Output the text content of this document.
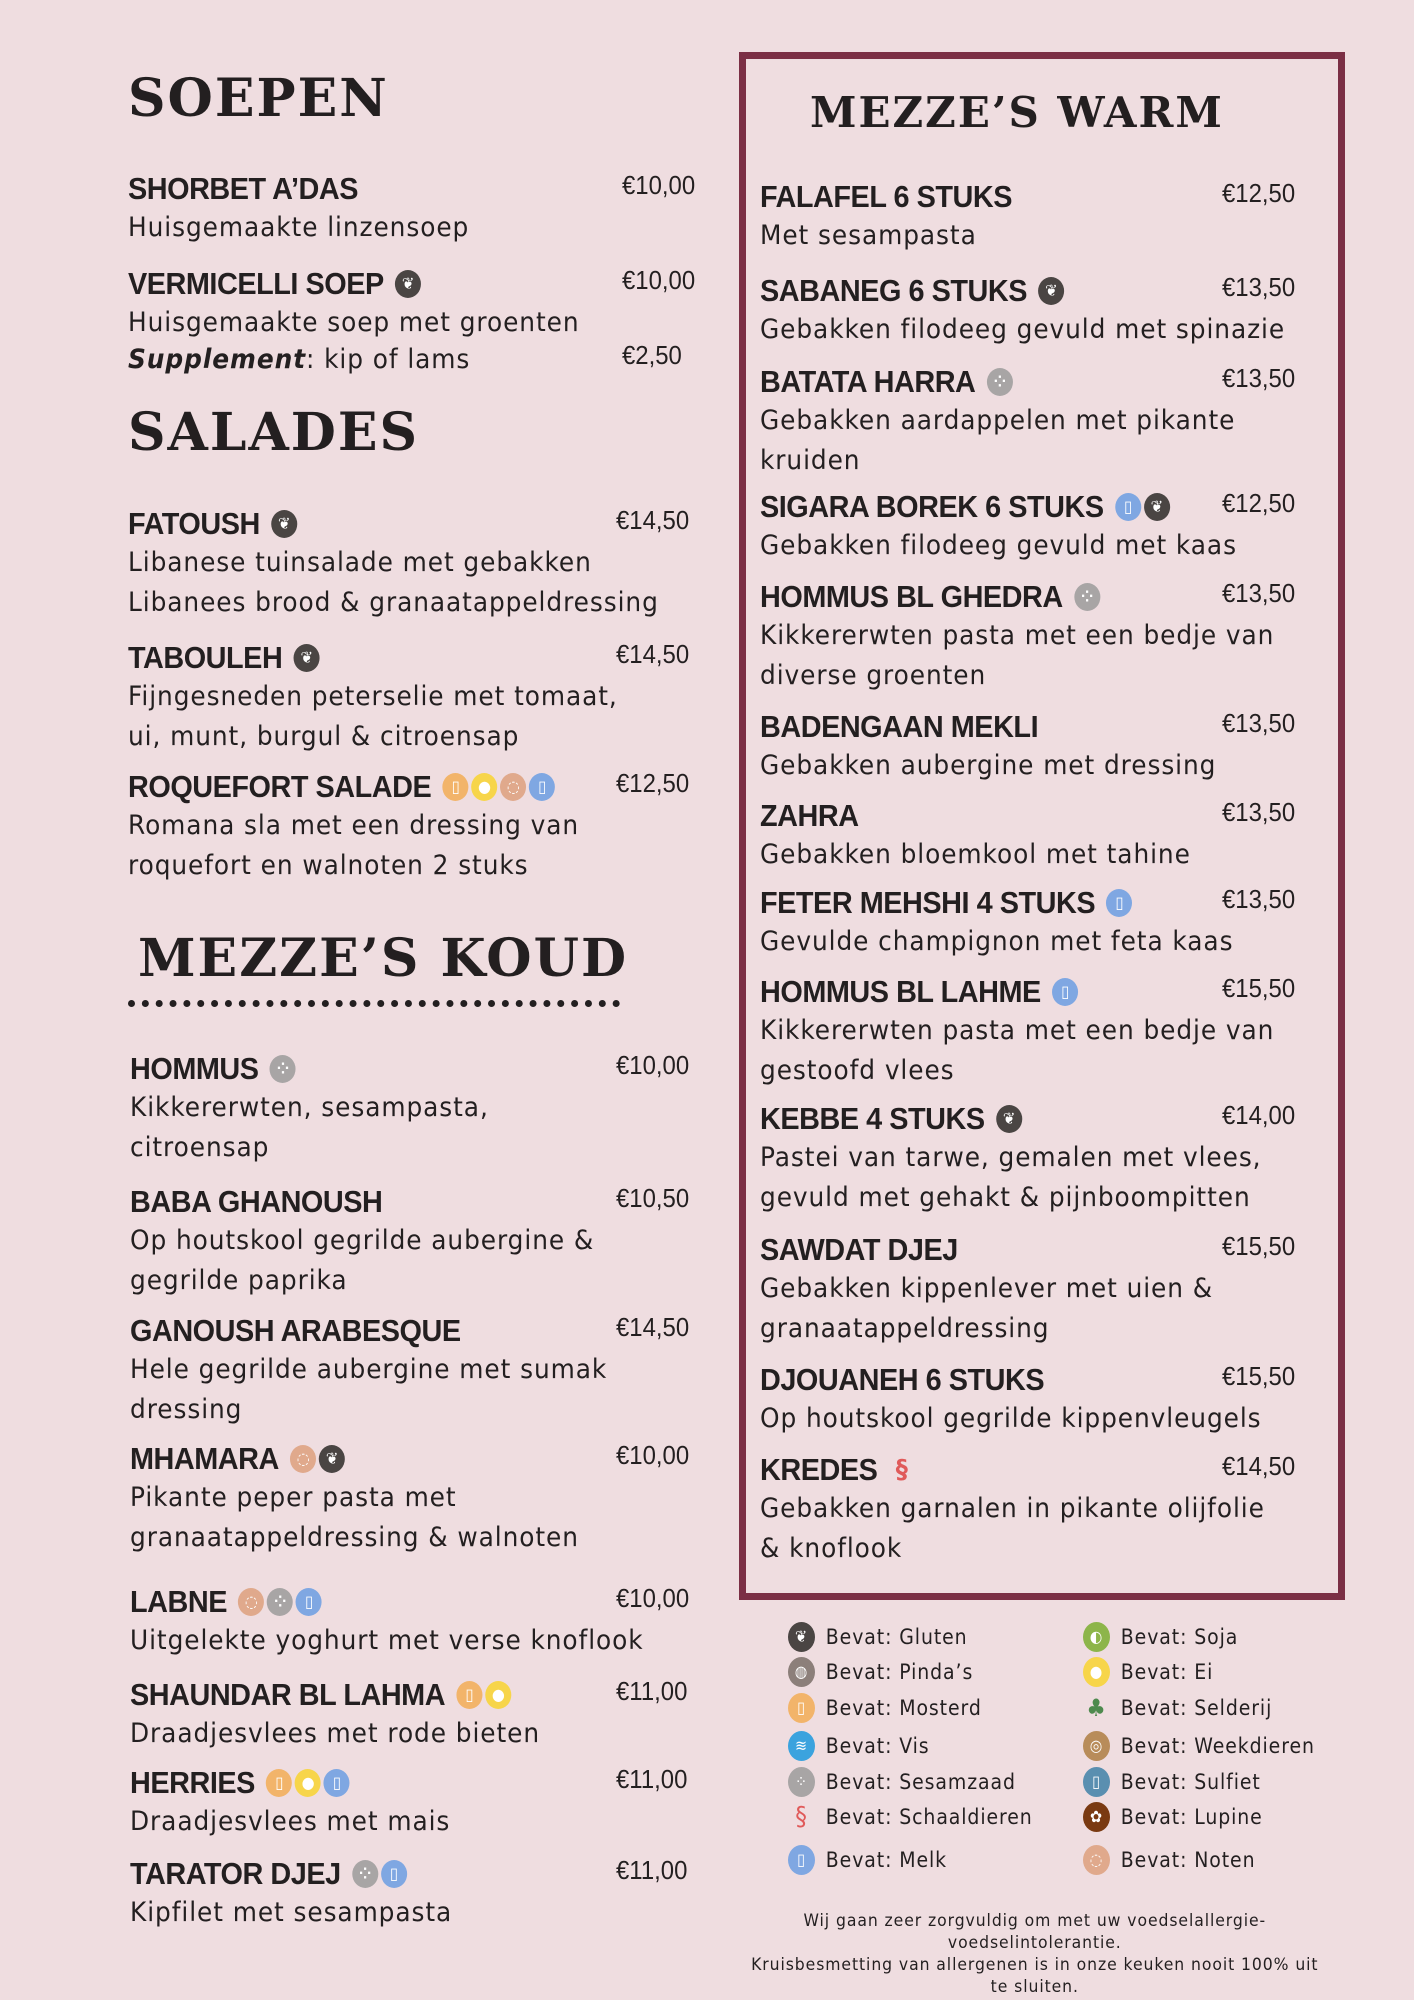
SOEPEN
SALADES
MEZZE’S KOUD
MEZZE’S WARM
Supplement: kip of lams	€2,50
SHORBET A’DAS
Huisgemaakte linzensoep
€10,00
VERMICELLI SOEP	❦
Huisgemaakte soep met groenten
€10,00
FATOUSH	❦
Libanese tuinsalade met gebakken
Libanees brood & granaatappeldressing
€14,50
TABOULEH	❦
Fijngesneden peterselie met tomaat,
ui, munt, burgul & citroensap
€14,50
ROQUEFORT SALADE	▯	●	◌	▯
Romana sla met een dressing van
roquefort en walnoten 2 stuks
€12,50
HOMMUS	⁘
Kikkererwten, sesampasta,
citroensap
€10,00
BABA GHANOUSH
Op houtskool gegrilde aubergine &
gegrilde paprika
€10,50
GANOUSH ARABESQUE
Hele gegrilde aubergine met sumak
dressing
€14,50
MHAMARA	◌	❦
Pikante peper pasta met
granaatappeldressing & walnoten
€10,00
LABNE	◌	⁘	▯
Uitgelekte yoghurt met verse knoflook
€10,00
SHAUNDAR BL LAHMA	▯	●
Draadjesvlees met rode bieten
€11,00
HERRIES	▯	●	▯
Draadjesvlees met mais
€11,00
TARATOR DJEJ	⁘	▯
Kipfilet met sesampasta
€11,00
FALAFEL 6 STUKS
Met sesampasta
€12,50
SABANEG 6 STUKS	❦
Gebakken filodeeg gevuld met spinazie
€13,50
BATATA HARRA	⁘
Gebakken aardappelen met pikante
kruiden
€13,50
SIGARA BOREK 6 STUKS	▯	❦
Gebakken filodeeg gevuld met kaas
€12,50
HOMMUS BL GHEDRA	⁘
Kikkererwten pasta met een bedje van
diverse groenten
€13,50
BADENGAAN MEKLI
Gebakken aubergine met dressing
€13,50
ZAHRA
Gebakken bloemkool met tahine
€13,50
FETER MEHSHI 4 STUKS	▯
Gevulde champignon met feta kaas
€13,50
HOMMUS BL LAHME	▯
Kikkererwten pasta met een bedje van
gestoofd vlees
€15,50
KEBBE 4 STUKS	❦
Pastei van tarwe, gemalen met vlees,
gevuld met gehakt & pijnboompitten
€14,00
SAWDAT DJEJ
Gebakken kippenlever met uien &
granaatappeldressing
€15,50
DJOUANEH 6 STUKS
Op houtskool gegrilde kippenvleugels
€15,50
KREDES §
Gebakken garnalen in pikante olijfolie
& knoflook
€14,50
❦ Bevat: Gluten
◍ Bevat: Pinda’s
▯ Bevat: Mosterd
≋ Bevat: Vis
⁘ Bevat: Sesamzaad
§ Bevat: Schaaldieren
▯ Bevat: Melk
◐ Bevat: Soja
● Bevat: Ei
♣ Bevat: Selderij
◎ Bevat: Weekdieren
▯ Bevat: Sulfiet
✿ Bevat: Lupine
◌ Bevat: Noten
Wij gaan zeer zorgvuldig om met uw voedselallergie- voedselintolerantie.
Kruisbesmetting van allergenen is in onze keuken nooit 100% uit te sluiten.
